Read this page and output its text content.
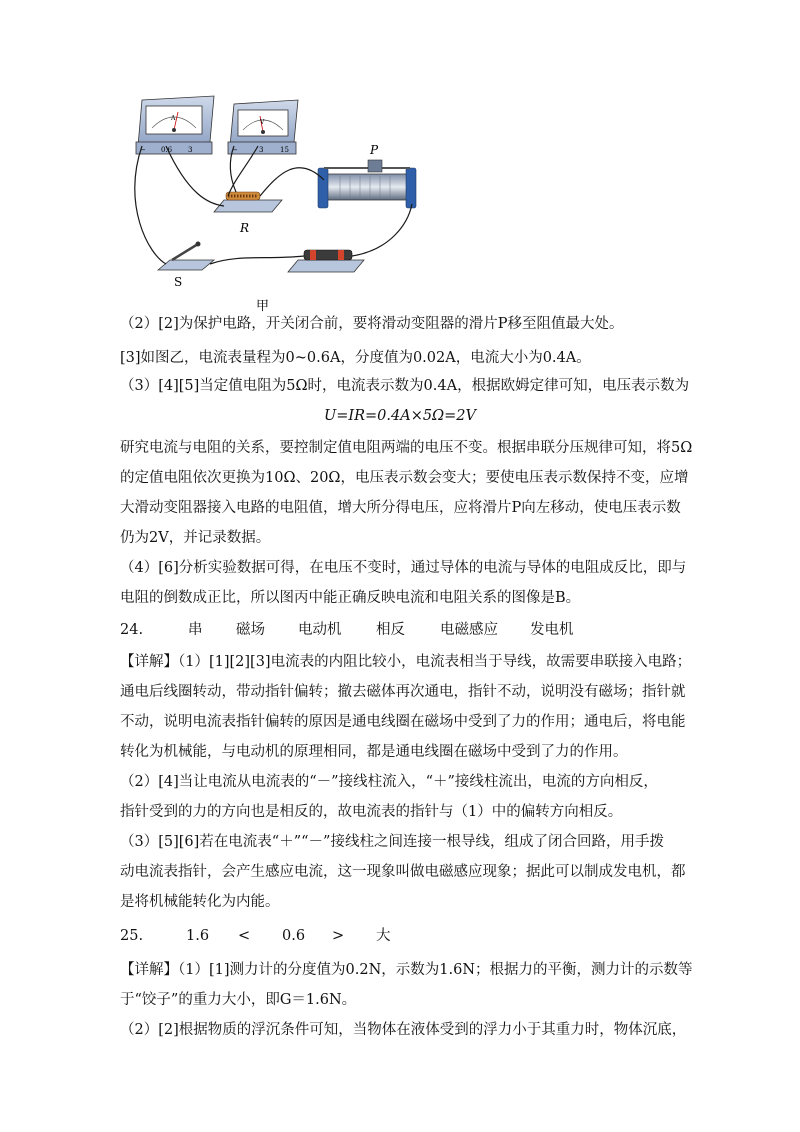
A
− 0.6 3
V
−	3 15
R
P
S
甲
（2）[2]为保护电路，开关闭合前，要将滑动变阻器的滑片P移至阻值最大处。
[3]如图乙，电流表量程为0~0.6A，分度值为0.02A，电流大小为0.4A。
（3）[4][5]当定值电阻为5Ω时，电流表示数为0.4A，根据欧姆定律可知，电压表示数为
U=IR=0.4A×5Ω=2V
研究电流与电阻的关系，要控制定值电阻两端的电压不变。根据串联分压规律可知，将5Ω
的定值电阻依次更换为10Ω、20Ω，电压表示数会变大；要使电压表示数保持不变，应增
大滑动变阻器接入电路的电阻值，增大所分得电压，应将滑片P向左移动，使电压表示数
仍为2V，并记录数据。
（4）[6]分析实验数据可得，在电压不变时，通过导体的电流与导体的电阻成反比，即与
电阻的倒数成正比，所以图丙中能正确反映电流和电阻关系的图像是B。
24.	串 磁场 电动机 相反 电磁感应 发电机
【详解】（1）[1][2][3]电流表的内阻比较小，电流表相当于导线，故需要串联接入电路；
通电后线圈转动，带动指针偏转；撤去磁体再次通电，指针不动，说明没有磁场；指针就
不动，说明电流表指针偏转的原因是通电线圈在磁场中受到了力的作用；通电后，将电能
转化为机械能，与电动机的原理相同，都是通电线圈在磁场中受到了力的作用。
（2）[4]当让电流从电流表的“－”接线柱流入，“＋”接线柱流出，电流的方向相反，
指针受到的力的方向也是相反的，故电流表的指针与（1）中的偏转方向相反。
（3）[5][6]若在电流表“＋”“－”接线柱之间连接一根导线，组成了闭合回路，用手拨
动电流表指针，会产生感应电流，这一现象叫做电磁感应现象；据此可以制成发电机，都
是将机械能转化为内能。
25.	1.6 < 0.6 > 大
【详解】（1）[1]测力计的分度值为0.2N，示数为1.6N；根据力的平衡，测力计的示数等
于“饺子”的重力大小，即G＝1.6N。
（2）[2]根据物质的浮沉条件可知，当物体在液体受到的浮力小于其重力时，物体沉底，
